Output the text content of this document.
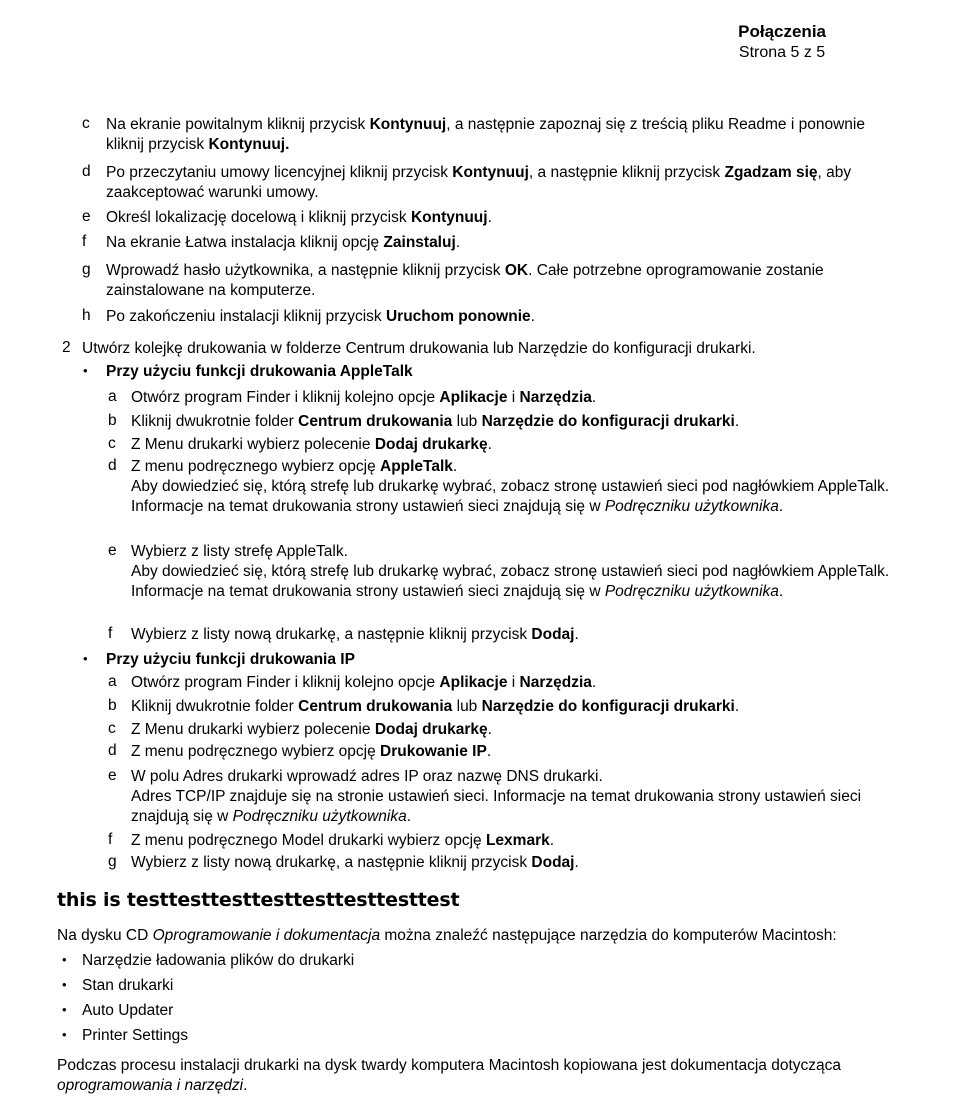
Połączenia
Strona 5 z 5
c Na ekranie powitalnym kliknij przycisk Kontynuuj, a następnie zapoznaj się z treścią pliku Readme i ponownie kliknij przycisk Kontynuuj.
d Po przeczytaniu umowy licencyjnej kliknij przycisk Kontynuuj, a następnie kliknij przycisk Zgadzam się, aby zaakceptować warunki umowy.
e Określ lokalizację docelową i kliknij przycisk Kontynuuj.
f Na ekranie Łatwa instalacja kliknij opcję Zainstaluj.
g Wprowadź hasło użytkownika, a następnie kliknij przycisk OK. Całe potrzebne oprogramowanie zostanie zainstalowane na komputerze.
h Po zakończeniu instalacji kliknij przycisk Uruchom ponownie.
2 Utwórz kolejkę drukowania w folderze Centrum drukowania lub Narzędzie do konfiguracji drukarki.
• Przy użyciu funkcji drukowania AppleTalk
a Otwórz program Finder i kliknij kolejno opcje Aplikacje i Narzędzia.
b Kliknij dwukrotnie folder Centrum drukowania lub Narzędzie do konfiguracji drukarki.
c Z Menu drukarki wybierz polecenie Dodaj drukarkę.
d Z menu podręcznego wybierz opcję AppleTalk.
Aby dowiedzieć się, którą strefę lub drukarkę wybrać, zobacz stronę ustawień sieci pod nagłówkiem AppleTalk. Informacje na temat drukowania strony ustawień sieci znajdują się w Podręczniku użytkownika.
e Wybierz z listy strefę AppleTalk.
Aby dowiedzieć się, którą strefę lub drukarkę wybrać, zobacz stronę ustawień sieci pod nagłówkiem AppleTalk. Informacje na temat drukowania strony ustawień sieci znajdują się w Podręczniku użytkownika.
f Wybierz z listy nową drukarkę, a następnie kliknij przycisk Dodaj.
• Przy użyciu funkcji drukowania IP
a Otwórz program Finder i kliknij kolejno opcje Aplikacje i Narzędzia.
b Kliknij dwukrotnie folder Centrum drukowania lub Narzędzie do konfiguracji drukarki.
c Z Menu drukarki wybierz polecenie Dodaj drukarkę.
d Z menu podręcznego wybierz opcję Drukowanie IP.
e W polu Adres drukarki wprowadź adres IP oraz nazwę DNS drukarki.
Adres TCP/IP znajduje się na stronie ustawień sieci. Informacje na temat drukowania strony ustawień sieci znajdują się w Podręczniku użytkownika.
f Z menu podręcznego Model drukarki wybierz opcję Lexmark.
g Wybierz z listy nową drukarkę, a następnie kliknij przycisk Dodaj.
this is testtesttesttesttesttesttesttest
Na dysku CD Oprogramowanie i dokumentacja można znaleźć następujące narzędzia do komputerów Macintosh:
• Narzędzie ładowania plików do drukarki
• Stan drukarki
• Auto Updater
• Printer Settings
Podczas procesu instalacji drukarki na dysk twardy komputera Macintosh kopiowana jest dokumentacja dotycząca oprogramowania i narzędzi.
